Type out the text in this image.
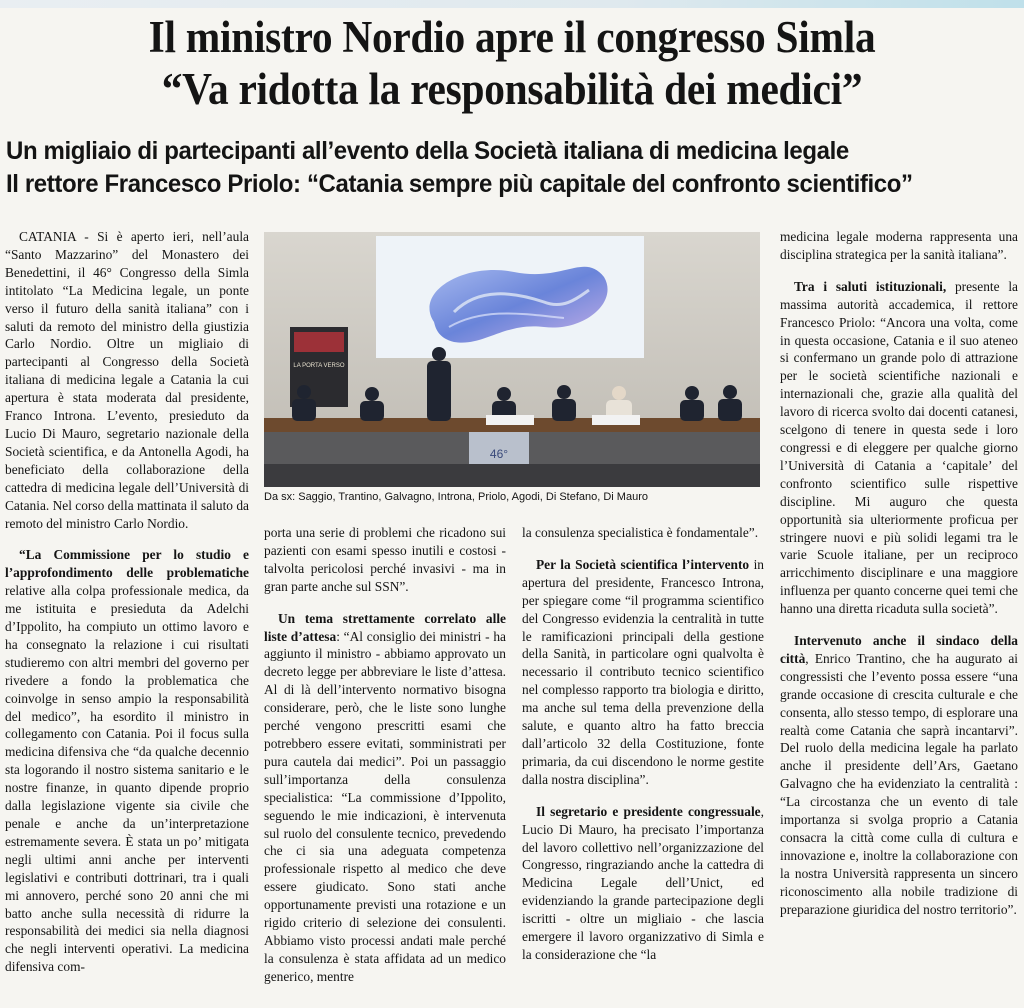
Il ministro Nordio apre il congresso Simla
“Va ridotta la responsabilità dei medici”
Un migliaio di partecipanti all’evento della Società italiana di medicina legale
Il rettore Francesco Priolo: “Catania sempre più capitale del confronto scientifico”

CATANIA - Si è aperto ieri, nell’aula “Santo Mazzarino” del Monastero dei Benedettini, il 46° Congresso della Simla intitolato “La Medicina legale, un ponte verso il futuro della sanità italiana” con i saluti da remoto del ministro della giustizia Carlo Nordio. Oltre un migliaio di partecipanti al Congresso della Società italiana di medicina legale a Catania la cui apertura è stata moderata dal presidente, Franco Introna. L’evento, presieduto da Lucio Di Mauro, segretario nazionale della Società scientifica, e da Antonella Agodi, ha beneficiato della collaborazione della cattedra di medicina legale dell’Università di Catania. Nel corso della mattinata il saluto da remoto del ministro Carlo Nordio.

“La Commissione per lo studio e l’approfondimento delle problematiche relative alla colpa professionale medica, da me istituita e presieduta da Adelchi d’Ippolito, ha compiuto un ottimo lavoro e ha consegnato la relazione i cui risultati studieremo con altri membri del governo per rivedere a fondo la problematica che coinvolge in senso ampio la responsabilità del medico”, ha esordito il ministro in collegamento con Catania. Poi il focus sulla medicina difensiva che “da qualche decennio sta logorando il nostro sistema sanitario e le nostre finanze, in quanto dipende proprio dalla legislazione vigente sia civile che penale e anche da un’interpretazione estremamente severa. È stata un po’ mitigata negli ultimi anni anche per interventi legislativi e contributi dottrinari, tra i quali mi annovero, perché sono 20 anni che mi batto anche sulla necessità di ridurre la responsabilità dei medici sia nella diagnosi che negli interventi operativi. La medicina difensiva com-

LA PORTA VERSO
46°
Da sx: Saggio, Trantino, Galvagno, Introna, Priolo, Agodi, Di Stefano, Di Mauro

porta una serie di problemi che ricadono sui pazienti con esami spesso inutili e costosi - talvolta pericolosi perché invasivi - ma in gran parte anche sul SSN”.

Un tema strettamente correlato alle liste d’attesa: “Al consiglio dei ministri - ha aggiunto il ministro - abbiamo approvato un decreto legge per abbreviare le liste d’attesa. Al di là dell’intervento normativo bisogna considerare, però, che le liste sono lunghe perché vengono prescritti esami che potrebbero essere evitati, somministrati per pura cautela dai medici”. Poi un passaggio sull’importanza della consulenza specialistica: “La commissione d’Ippolito, seguendo le mie indicazioni, è intervenuta sul ruolo del consulente tecnico, prevedendo che ci sia una adeguata competenza professionale rispetto al medico che deve essere giudicato. Sono stati anche opportunamente previsti una rotazione e un rigido criterio di selezione dei consulenti. Abbiamo visto processi andati male perché la consulenza è stata affidata ad un medico generico, mentre

la consulenza specialistica è fondamentale”.

Per la Società scientifica l’intervento in apertura del presidente, Francesco Introna, per spiegare come “il programma scientifico del Congresso evidenzia la centralità in tutte le ramificazioni principali della gestione della Sanità, in particolare ogni qualvolta è necessario il contributo tecnico scientifico nel complesso rapporto tra biologia e diritto, ma anche sul tema della prevenzione della salute, e quanto altro ha fatto breccia dall’articolo 32 della Costituzione, fonte primaria, da cui discendono le norme gestite dalla nostra disciplina”.

Il segretario e presidente congressuale, Lucio Di Mauro, ha precisato l’importanza del lavoro collettivo nell’organizzazione del Congresso, ringraziando anche la cattedra di Medicina Legale dell’Unict, ed evidenziando la grande partecipazione degli iscritti - oltre un migliaio - che lascia emergere il lavoro organizzativo di Simla e la considerazione che “la

medicina legale moderna rappresenta una disciplina strategica per la sanità italiana”.

Tra i saluti istituzionali, presente la massima autorità accademica, il rettore Francesco Priolo: “Ancora una volta, come in questa occasione, Catania e il suo ateneo si confermano un grande polo di attrazione per le società scientifiche nazionali e internazionali che, grazie alla qualità del lavoro di ricerca svolto dai docenti catanesi, scelgono di tenere in questa sede i loro congressi e di eleggere per qualche giorno l’Università di Catania a ‘capitale’ del confronto scientifico sulle rispettive discipline. Mi auguro che questa opportunità sia ulteriormente proficua per stringere nuovi e più solidi legami tra le varie Scuole italiane, per un reciproco arricchimento disciplinare e una maggiore influenza per quanto concerne quei temi che hanno una diretta ricaduta sulla società”.

Intervenuto anche il sindaco della città, Enrico Trantino, che ha augurato ai congressisti che l’evento possa essere “una grande occasione di crescita culturale e che consenta, allo stesso tempo, di esplorare una realtà come Catania che saprà incantarvi”. Del ruolo della medicina legale ha parlato anche il presidente dell’Ars, Gaetano Galvagno che ha evidenziato la centralità : “La circostanza che un evento di tale importanza si svolga proprio a Catania consacra la città come culla di cultura e innovazione e, inoltre la collaborazione con la nostra Università rappresenta un sincero riconoscimento alla nobile tradizione di preparazione giuridica del nostro territorio”.
